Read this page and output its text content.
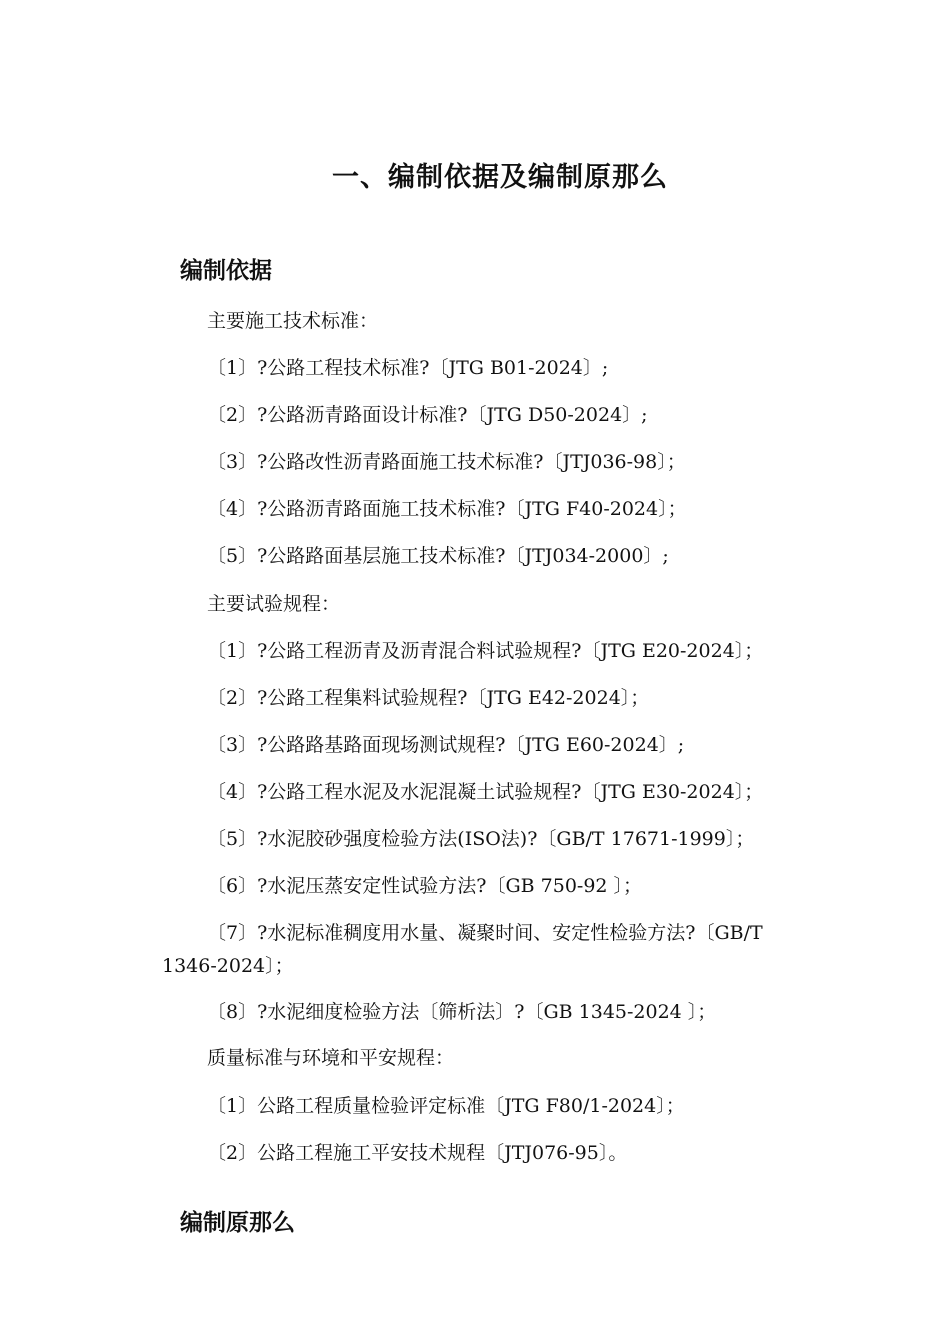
一、编制依据及编制原那么
编制依据
主要施工技术标准：
〔1〕?公路工程技术标准?〔JTG B01-2024〕;
〔2〕?公路沥青路面设计标准?〔JTG D50-2024〕;
〔3〕?公路改性沥青路面施工技术标准?〔JTJ036-98〕；
〔4〕?公路沥青路面施工技术标准?〔JTG F40-2024〕；
〔5〕?公路路面基层施工技术标准?〔JTJ034-2000〕;
主要试验规程：
〔1〕?公路工程沥青及沥青混合料试验规程?〔JTG E20-2024〕；
〔2〕?公路工程集料试验规程?〔JTG E42-2024〕；
〔3〕?公路路基路面现场测试规程?〔JTG E60-2024〕;
〔4〕?公路工程水泥及水泥混凝土试验规程?〔JTG E30-2024〕；
〔5〕?水泥胶砂强度检验方法(ISO法)?〔GB/T 17671-1999〕；
〔6〕?水泥压蒸安定性试验方法?〔GB 750-92 〕；
〔7〕?水泥标准稠度用水量、凝聚时间、安定性检验方法?〔GB/T
1346-2024〕；
〔8〕?水泥细度检验方法〔筛析法〕?〔GB 1345-2024 〕；
质量标准与环境和平安规程：
〔1〕公路工程质量检验评定标准〔JTG F80/1-2024〕；
〔2〕公路工程施工平安技术规程〔JTJ076-95〕。
编制原那么
